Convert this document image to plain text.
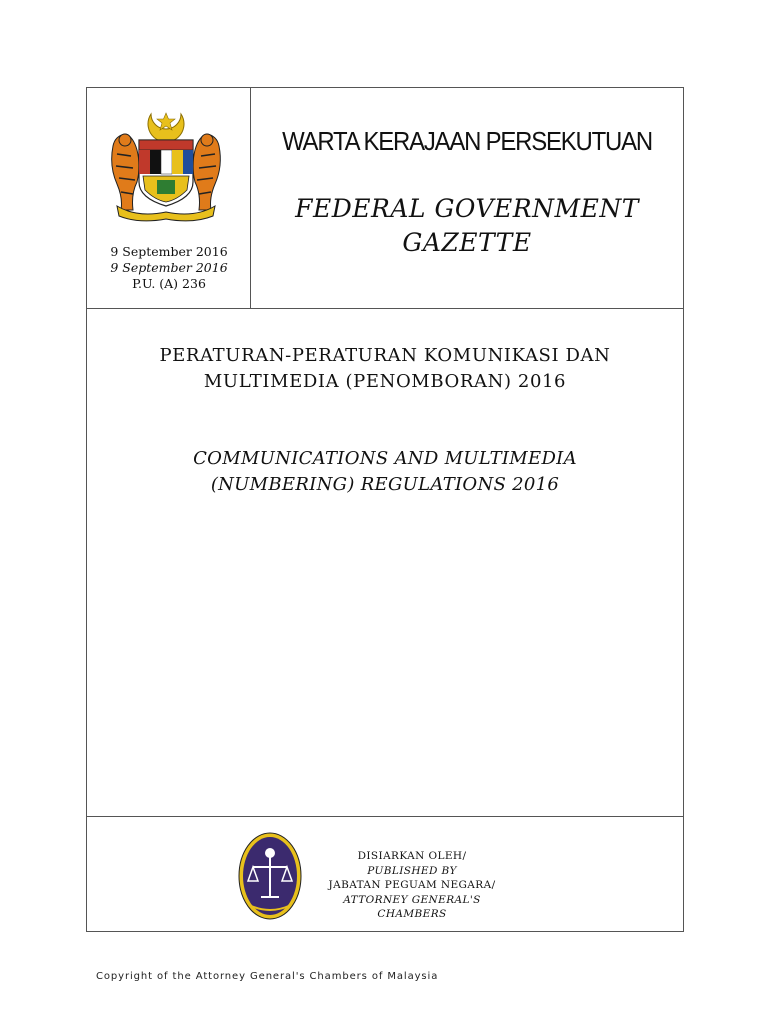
9 September 2016
9 September 2016
P.U. (A) 236
WARTA KERAJAAN PERSEKUTUAN
FEDERAL GOVERNMENT
GAZETTE
PERATURAN-PERATURAN KOMUNIKASI DAN
MULTIMEDIA (PENOMBORAN) 2016
COMMUNICATIONS AND MULTIMEDIA
(NUMBERING) REGULATIONS 2016
DISIARKAN OLEH/
PUBLISHED BY
JABATAN PEGUAM NEGARA/
ATTORNEY GENERAL'S CHAMBERS
Copyright of the Attorney General's Chambers of Malaysia
